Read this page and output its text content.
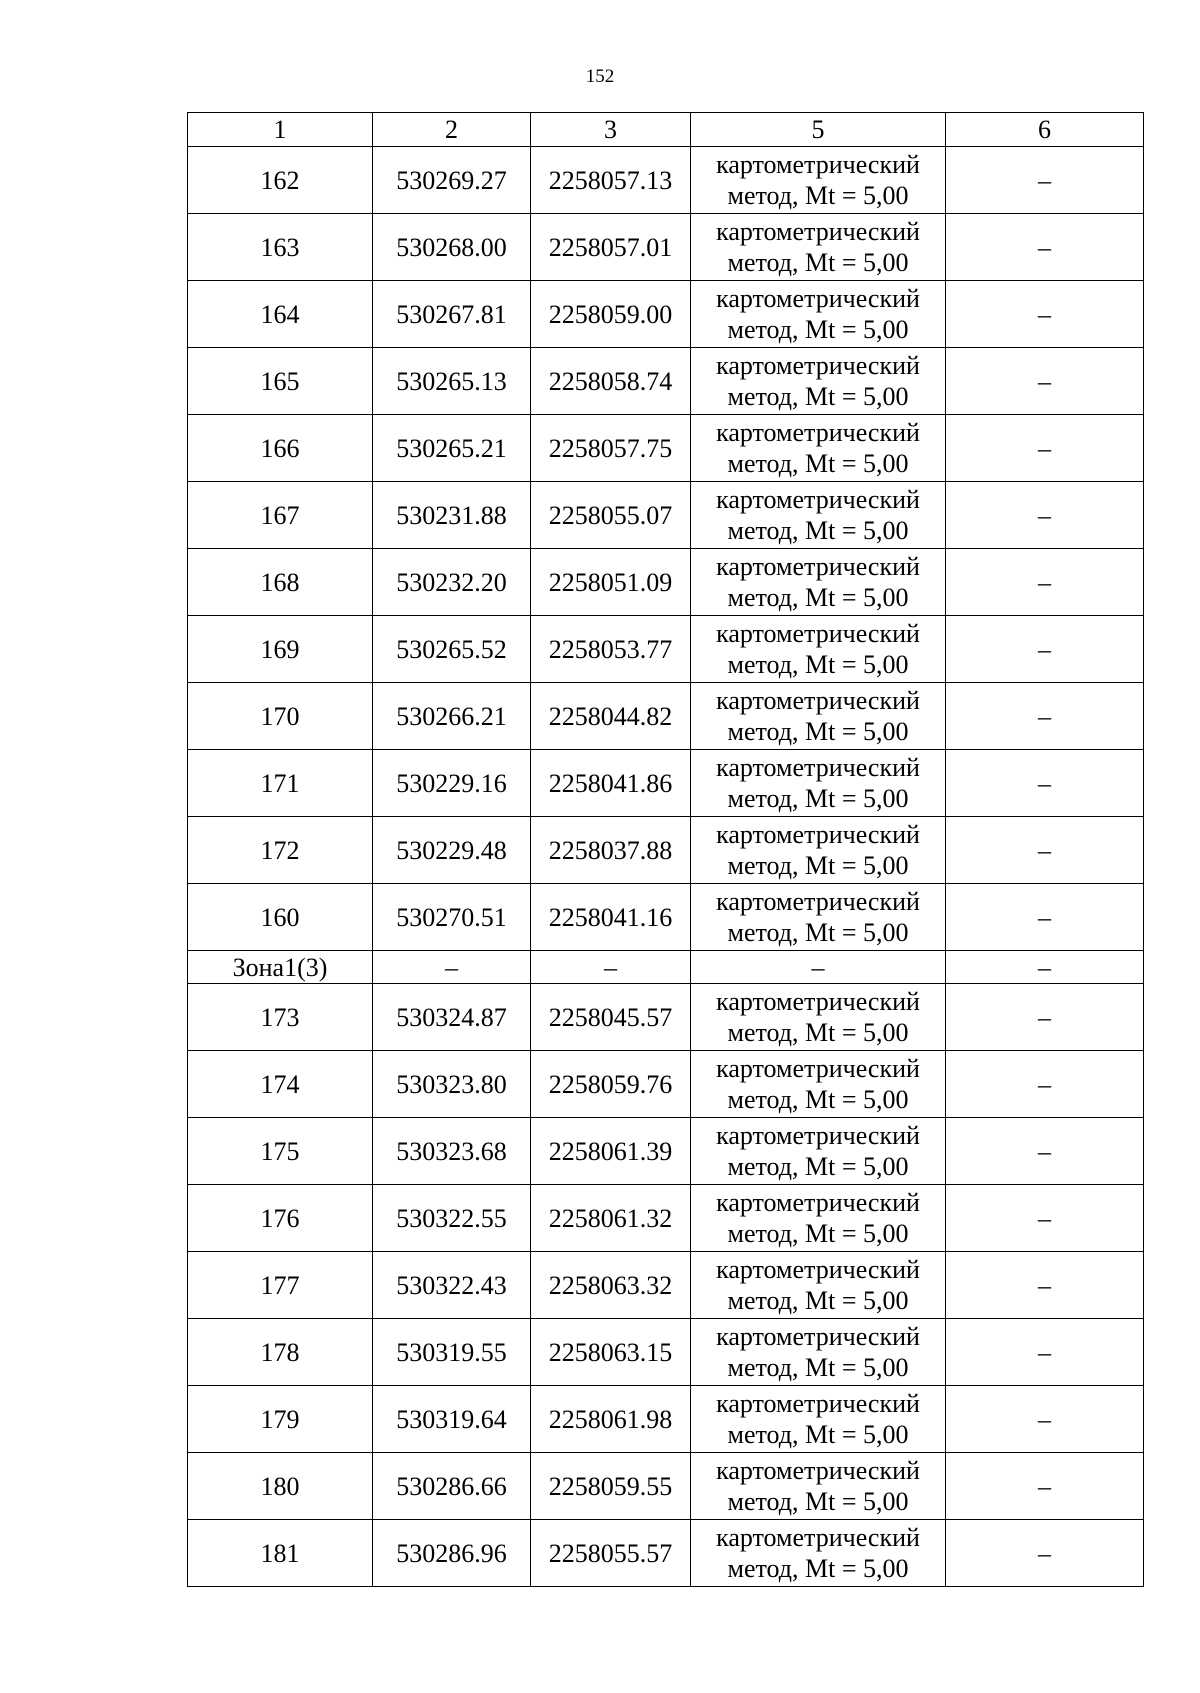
152
1	2	3	5	6
162	530269.27	2258057.13	картометрический
метод, Mt = 5,00	–
163	530268.00	2258057.01	картометрический
метод, Mt = 5,00	–
164	530267.81	2258059.00	картометрический
метод, Mt = 5,00	–
165	530265.13	2258058.74	картометрический
метод, Mt = 5,00	–
166	530265.21	2258057.75	картометрический
метод, Mt = 5,00	–
167	530231.88	2258055.07	картометрический
метод, Mt = 5,00	–
168	530232.20	2258051.09	картометрический
метод, Mt = 5,00	–
169	530265.52	2258053.77	картометрический
метод, Mt = 5,00	–
170	530266.21	2258044.82	картометрический
метод, Mt = 5,00	–
171	530229.16	2258041.86	картометрический
метод, Mt = 5,00	–
172	530229.48	2258037.88	картометрический
метод, Mt = 5,00	–
160	530270.51	2258041.16	картометрический
метод, Mt = 5,00	–
Зона1(3)	–	–	–	–
173	530324.87	2258045.57	картометрический
метод, Mt = 5,00	–
174	530323.80	2258059.76	картометрический
метод, Mt = 5,00	–
175	530323.68	2258061.39	картометрический
метод, Mt = 5,00	–
176	530322.55	2258061.32	картометрический
метод, Mt = 5,00	–
177	530322.43	2258063.32	картометрический
метод, Mt = 5,00	–
178	530319.55	2258063.15	картометрический
метод, Mt = 5,00	–
179	530319.64	2258061.98	картометрический
метод, Mt = 5,00	–
180	530286.66	2258059.55	картометрический
метод, Mt = 5,00	–
181	530286.96	2258055.57	картометрический
метод, Mt = 5,00	–
